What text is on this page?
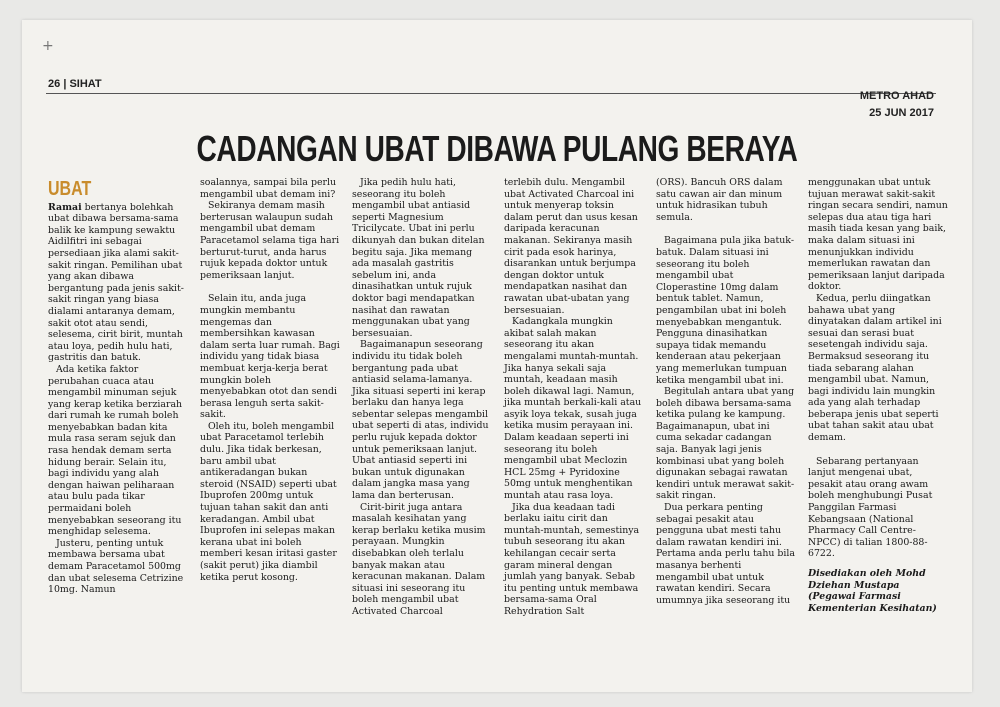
+
26 | SIHAT
METRO AHAD
25 JUN 2017
CADANGAN UBAT DIBAWA PULANG BERAYA
UBAT

Ramai bertanya bolehkah ubat dibawa bersama-sama balik ke kampung sewaktu Aidilfitri ini sebagai persediaan jika alami sakit-sakit ringan. Pemilihan ubat yang akan dibawa bergantung pada jenis sakit-sakit ringan yang biasa dialami antaranya demam, sakit otot atau sendi, selesema, cirit birit, muntah atau loya, pedih hulu hati, gastritis dan batuk.

Ada ketika faktor perubahan cuaca atau mengambil minuman sejuk yang kerap ketika berziarah dari rumah ke rumah boleh menyebabkan badan kita mula rasa seram sejuk dan rasa hendak demam serta hidung berair. Selain itu, bagi individu yang alah dengan haiwan peliharaan atau bulu pada tikar permaidani boleh menyebabkan seseorang itu menghidap selesema.

Justeru, penting untuk membawa bersama ubat demam Paracetamol 500mg dan ubat selesema Cetrizine 10mg. Namun

soalannya, sampai bila perlu mengambil ubat demam ini?

Sekiranya demam masih berterusan walaupun sudah mengambil ubat demam Paracetamol selama tiga hari berturut-turut, anda harus rujuk kepada doktor untuk pemeriksaan lanjut.

Selain itu, anda juga mungkin membantu mengemas dan membersihkan kawasan dalam serta luar rumah. Bagi individu yang tidak biasa membuat kerja-kerja berat mungkin boleh menyebabkan otot dan sendi berasa lenguh serta sakit-sakit.

Oleh itu, boleh mengambil ubat Paracetamol terlebih dulu. Jika tidak berkesan, baru ambil ubat antikeradangan bukan steroid (NSAID) seperti ubat Ibuprofen 200mg untuk tujuan tahan sakit dan anti keradangan. Ambil ubat Ibuprofen ini selepas makan kerana ubat ini boleh memberi kesan iritasi gaster (sakit perut) jika diambil ketika perut kosong.

Jika pedih hulu hati, seseorang itu boleh mengambil ubat antiasid seperti Magnesium Tricilycate. Ubat ini perlu dikunyah dan bukan ditelan begitu saja. Jika memang ada masalah gastritis sebelum ini, anda dinasihatkan untuk rujuk doktor bagi mendapatkan nasihat dan rawatan menggunakan ubat yang bersesuaian.

Bagaimanapun seseorang individu itu tidak boleh bergantung pada ubat antiasid selama-lamanya. Jika situasi seperti ini kerap berlaku dan hanya lega sebentar selepas mengambil ubat seperti di atas, individu perlu rujuk kepada doktor untuk pemeriksaan lanjut. Ubat antiasid seperti ini bukan untuk digunakan dalam jangka masa yang lama dan berterusan.

Cirit-birit juga antara masalah kesihatan yang kerap berlaku ketika musim perayaan. Mungkin disebabkan oleh terlalu banyak makan atau keracunan makanan. Dalam situasi ini seseorang itu boleh mengambil ubat Activated Charcoal

terlebih dulu. Mengambil ubat Activated Charcoal ini untuk menyerap toksin dalam perut dan usus kesan daripada keracunan makanan. Sekiranya masih cirit pada esok harinya, disarankan untuk berjumpa dengan doktor untuk mendapatkan nasihat dan rawatan ubat-ubatan yang bersesuaian.

Kadangkala mungkin akibat salah makan seseorang itu akan mengalami muntah-muntah. Jika hanya sekali saja muntah, keadaan masih boleh dikawal lagi. Namun, jika muntah berkali-kali atau asyik loya tekak, susah juga ketika musim perayaan ini. Dalam keadaan seperti ini seseorang itu boleh mengambil ubat Meclozin HCL 25mg + Pyridoxine 50mg untuk menghentikan muntah atau rasa loya.

Jika dua keadaan tadi berlaku iaitu cirit dan muntah-muntah, semestinya tubuh seseorang itu akan kehilangan cecair serta garam mineral dengan jumlah yang banyak. Sebab itu penting untuk membawa bersama-sama Oral Rehydration Salt

(ORS). Bancuh ORS dalam satu cawan air dan minum untuk hidrasikan tubuh semula.

Bagaimana pula jika batuk-batuk. Dalam situasi ini seseorang itu boleh mengambil ubat Cloperastine 10mg dalam bentuk tablet. Namun, pengambilan ubat ini boleh menyebabkan mengantuk. Pengguna dinasihatkan supaya tidak memandu kenderaan atau pekerjaan yang memerlukan tumpuan ketika mengambil ubat ini.

Begitulah antara ubat yang boleh dibawa bersama-sama ketika pulang ke kampung. Bagaimanapun, ubat ini cuma sekadar cadangan saja. Banyak lagi jenis kombinasi ubat yang boleh digunakan sebagai rawatan kendiri untuk merawat sakit-sakit ringan.

Dua perkara penting sebagai pesakit atau pengguna ubat mesti tahu dalam rawatan kendiri ini. Pertama anda perlu tahu bila masanya berhenti mengambil ubat untuk rawatan kendiri. Secara umumnya jika seseorang itu

menggunakan ubat untuk tujuan merawat sakit-sakit ringan secara sendiri, namun selepas dua atau tiga hari masih tiada kesan yang baik, maka dalam situasi ini menunjukkan individu memerlukan rawatan dan pemeriksaan lanjut daripada doktor.

Kedua, perlu diingatkan bahawa ubat yang dinyatakan dalam artikel ini sesuai dan serasi buat sesetengah individu saja. Bermaksud seseorang itu tiada sebarang alahan mengambil ubat. Namun, bagi individu lain mungkin ada yang alah terhadap beberapa jenis ubat seperti ubat tahan sakit atau ubat demam.

Sebarang pertanyaan lanjut mengenai ubat, pesakit atau orang awam boleh menghubungi Pusat Panggilan Farmasi Kebangsaan (National Pharmacy Call Centre-NPCC) di talian 1800-88-6722.

Disediakan oleh Mohd Dziehan Mustapa (Pegawai Farmasi Kementerian Kesihatan)
